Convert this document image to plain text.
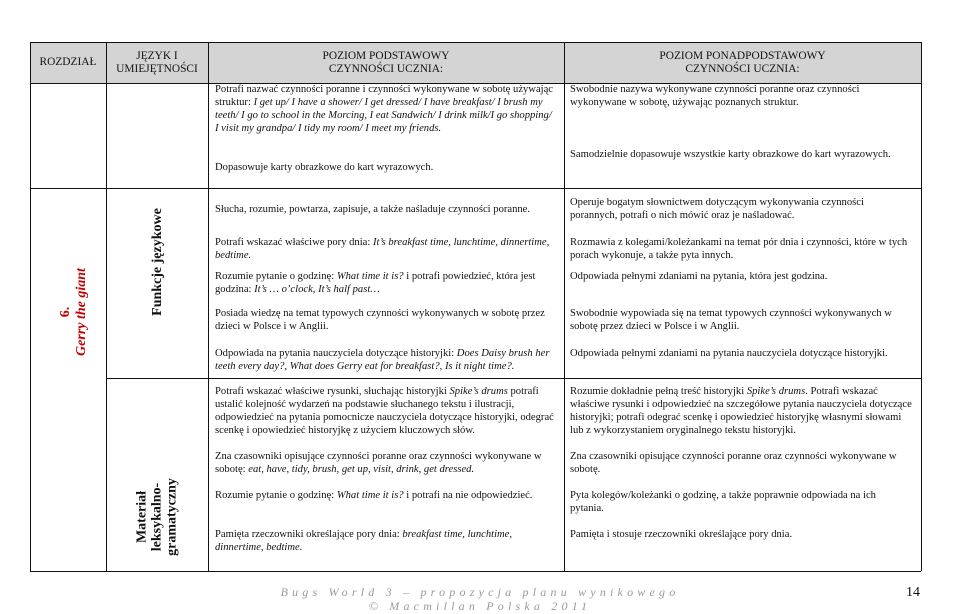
ROZDZIAŁ	JĘZYK I
UMIEJĘTNOŚCI
POZIOM PODSTAWOWY
CZYNNOŚCI UCZNIA:
POZIOM PONADPODSTAWOWY
CZYNNOŚCI UCZNIA:
Potrafi nazwać czynności poranne i czynności wykonywane w sobotę używając struktur: I get up/ I have a shower/ I get dressed/ I have breakfast/ I brush my teeth/ I go to school in the Morcing, I eat Sandwich/ I drink milk/I go shopping/ I visit my grandpa/ I tidy my room/ I meet my friends.
Dopasowuje karty obrazkowe do kart wyrazowych.
Swobodnie nazywa wykonywane czynności poranne oraz czynności wykonywane w sobotę, używając poznanych struktur.
Samodzielnie dopasowuje wszystkie karty obrazkowe do kart wyrazowych.
6. Gerry the giant	Funkcje językowe
Materiał leksykalno- gramatyczny
Słucha, rozumie, powtarza, zapisuje, a także naśladuje czynności poranne.
Potrafi wskazać właściwe pory dnia: It’s breakfast time, lunchtime, dinnertime, bedtime.
Rozumie pytanie o godzinę: What time it is? i potrafi powiedzieć, która jest godzina: It’s … o’clock, It’s half past…
Posiada wiedzę na temat typowych czynności wykonywanych w sobotę przez dzieci w Polsce i w Anglii.
Odpowiada na pytania nauczyciela dotyczące historyjki: Does Daisy brush her teeth every day?, What does Gerry eat for breakfast?, Is it night time?.
Operuje bogatym słownictwem dotyczącym wykonywania czynności porannych, potrafi o nich mówić oraz je naśladować.
Rozmawia z kolegami/koleżankami na temat pór dnia i czynności, które w tych porach wykonuje, a także pyta innych.
Odpowiada pełnymi zdaniami na pytania, która jest godzina.
Swobodnie wypowiada się na temat typowych czynności wykonywanych w sobotę przez dzieci w Polsce i w Anglii.
Odpowiada pełnymi zdaniami na pytania nauczyciela dotyczące historyjki.
Potrafi wskazać właściwe rysunki, słuchając historyjki Spike’s drums potrafi ustalić kolejność wydarzeń na podstawie słuchanego tekstu i ilustracji, odpowiedzieć na pytania pomocnicze nauczyciela dotyczące historyjki, odegrać scenkę i opowiedzieć historyjkę z użyciem kluczowych słów.
Zna czasowniki opisujące czynności poranne oraz czynności wykonywane w sobotę: eat, have, tidy, brush, get up, visit, drink, get dressed.
Rozumie pytanie o godzinę: What time it is? i potrafi na nie odpowiedzieć.
Pamięta rzeczowniki określające pory dnia: breakfast time, lunchtime, dinnertime, bedtime.
Rozumie dokładnie pełną treść historyjki Spike’s drums. Potrafi wskazać właściwe rysunki i odpowiedzieć na szczegółowe pytania nauczyciela dotyczące historyjki; potrafi odegrać scenkę i opowiedzieć historyjkę własnymi słowami lub z wykorzystaniem oryginalnego tekstu historyjki.
Zna czasowniki opisujące czynności poranne oraz czynności wykonywane w sobotę.
Pyta kolegów/koleżanki o godzinę, a także poprawnie odpowiada na ich pytania.
Pamięta i stosuje rzeczowniki określające pory dnia.
Bugs World 3 – propozycja planu wynikowego
© Macmillan Polska 2011
14
